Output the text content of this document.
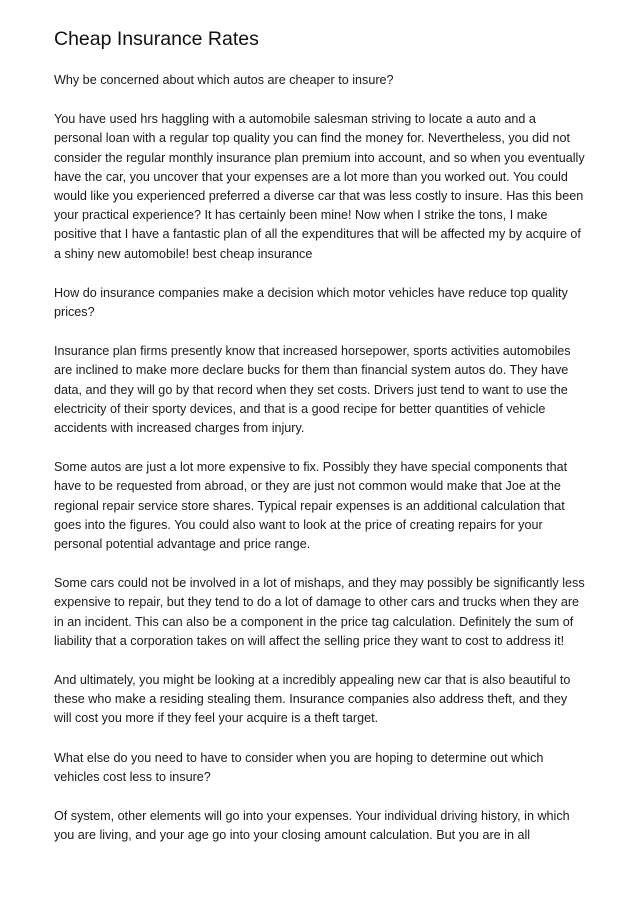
Cheap Insurance Rates

Why be concerned about which autos are cheaper to insure?

You have used hrs haggling with a automobile salesman striving to locate a auto and a personal loan with a regular top quality you can find the money for. Nevertheless, you did not consider the regular monthly insurance plan premium into account, and so when you eventually have the car, you uncover that your expenses are a lot more than you worked out. You could would like you experienced preferred a diverse car that was less costly to insure. Has this been your practical experience? It has certainly been mine! Now when I strike the tons, I make positive that I have a fantastic plan of all the expenditures that will be affected my by acquire of a shiny new automobile! best cheap insurance

How do insurance companies make a decision which motor vehicles have reduce top quality prices?

Insurance plan firms presently know that increased horsepower, sports activities automobiles are inclined to make more declare bucks for them than financial system autos do. They have data, and they will go by that record when they set costs. Drivers just tend to want to use the electricity of their sporty devices, and that is a good recipe for better quantities of vehicle accidents with increased charges from injury.

Some autos are just a lot more expensive to fix. Possibly they have special components that have to be requested from abroad, or they are just not common would make that Joe at the regional repair service store shares. Typical repair expenses is an additional calculation that goes into the figures. You could also want to look at the price of creating repairs for your personal potential advantage and price range.

Some cars could not be involved in a lot of mishaps, and they may possibly be significantly less expensive to repair, but they tend to do a lot of damage to other cars and trucks when they are in an incident. This can also be a component in the price tag calculation. Definitely the sum of liability that a corporation takes on will affect the selling price they want to cost to address it!

And ultimately, you might be looking at a incredibly appealing new car that is also beautiful to these who make a residing stealing them. Insurance companies also address theft, and they will cost you more if they feel your acquire is a theft target.

What else do you need to have to consider when you are hoping to determine out which vehicles cost less to insure?

Of system, other elements will go into your expenses. Your individual driving history, in which you are living, and your age go into your closing amount calculation. But you are in all
